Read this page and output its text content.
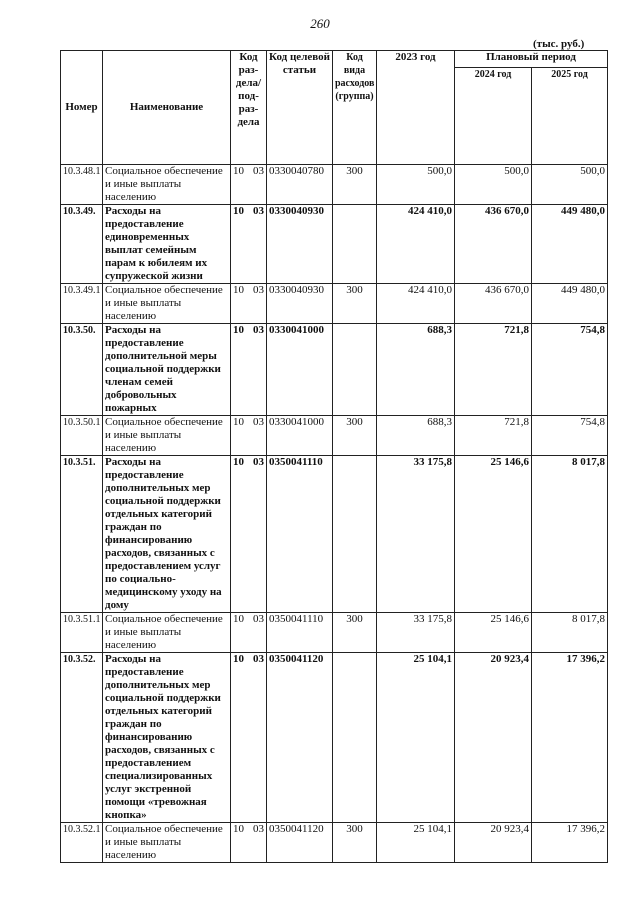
260
(тыс. руб.)
Номер	Наименование	Код раз-дела/ под-раз-дела	Код целевой статьи	Код вида расходов (группа)	2023 год	Плановый период	
						2024 год	2025 год
10.3.48.1	Социальное обеспечение и иные выплаты населению	10 03	0330040780	300	500,0	500,0	500,0
10.3.49.	Расходы на предоставление единовременных выплат семейным парам к юбилеям их супружеской жизни	10 03	0330040930		424 410,0	436 670,0	449 480,0
10.3.49.1	Социальное обеспечение и иные выплаты населению	10 03	0330040930	300	424 410,0	436 670,0	449 480,0
10.3.50.	Расходы на предоставление дополнительной меры социальной поддержки членам семей добровольных пожарных	10 03	0330041000		688,3	721,8	754,8
10.3.50.1	Социальное обеспечение и иные выплаты населению	10 03	0330041000	300	688,3	721,8	754,8
10.3.51.	Расходы на предоставление дополнительных мер социальной поддержки отдельных категорий граждан по финансированию расходов, связанных с предоставлением услуг по социально-медицинскому уходу на дому	10 03	0350041110		33 175,8	25 146,6	8 017,8
10.3.51.1	Социальное обеспечение и иные выплаты населению	10 03	0350041110	300	33 175,8	25 146,6	8 017,8
10.3.52.	Расходы на предоставление дополнительных мер социальной поддержки отдельных категорий граждан по финансированию расходов, связанных с предоставлением специализированных услуг экстренной помощи «тревожная кнопка»	10 03	0350041120		25 104,1	20 923,4	17 396,2
10.3.52.1	Социальное обеспечение и иные выплаты населению	10 03	0350041120	300	25 104,1	20 923,4	17 396,2
